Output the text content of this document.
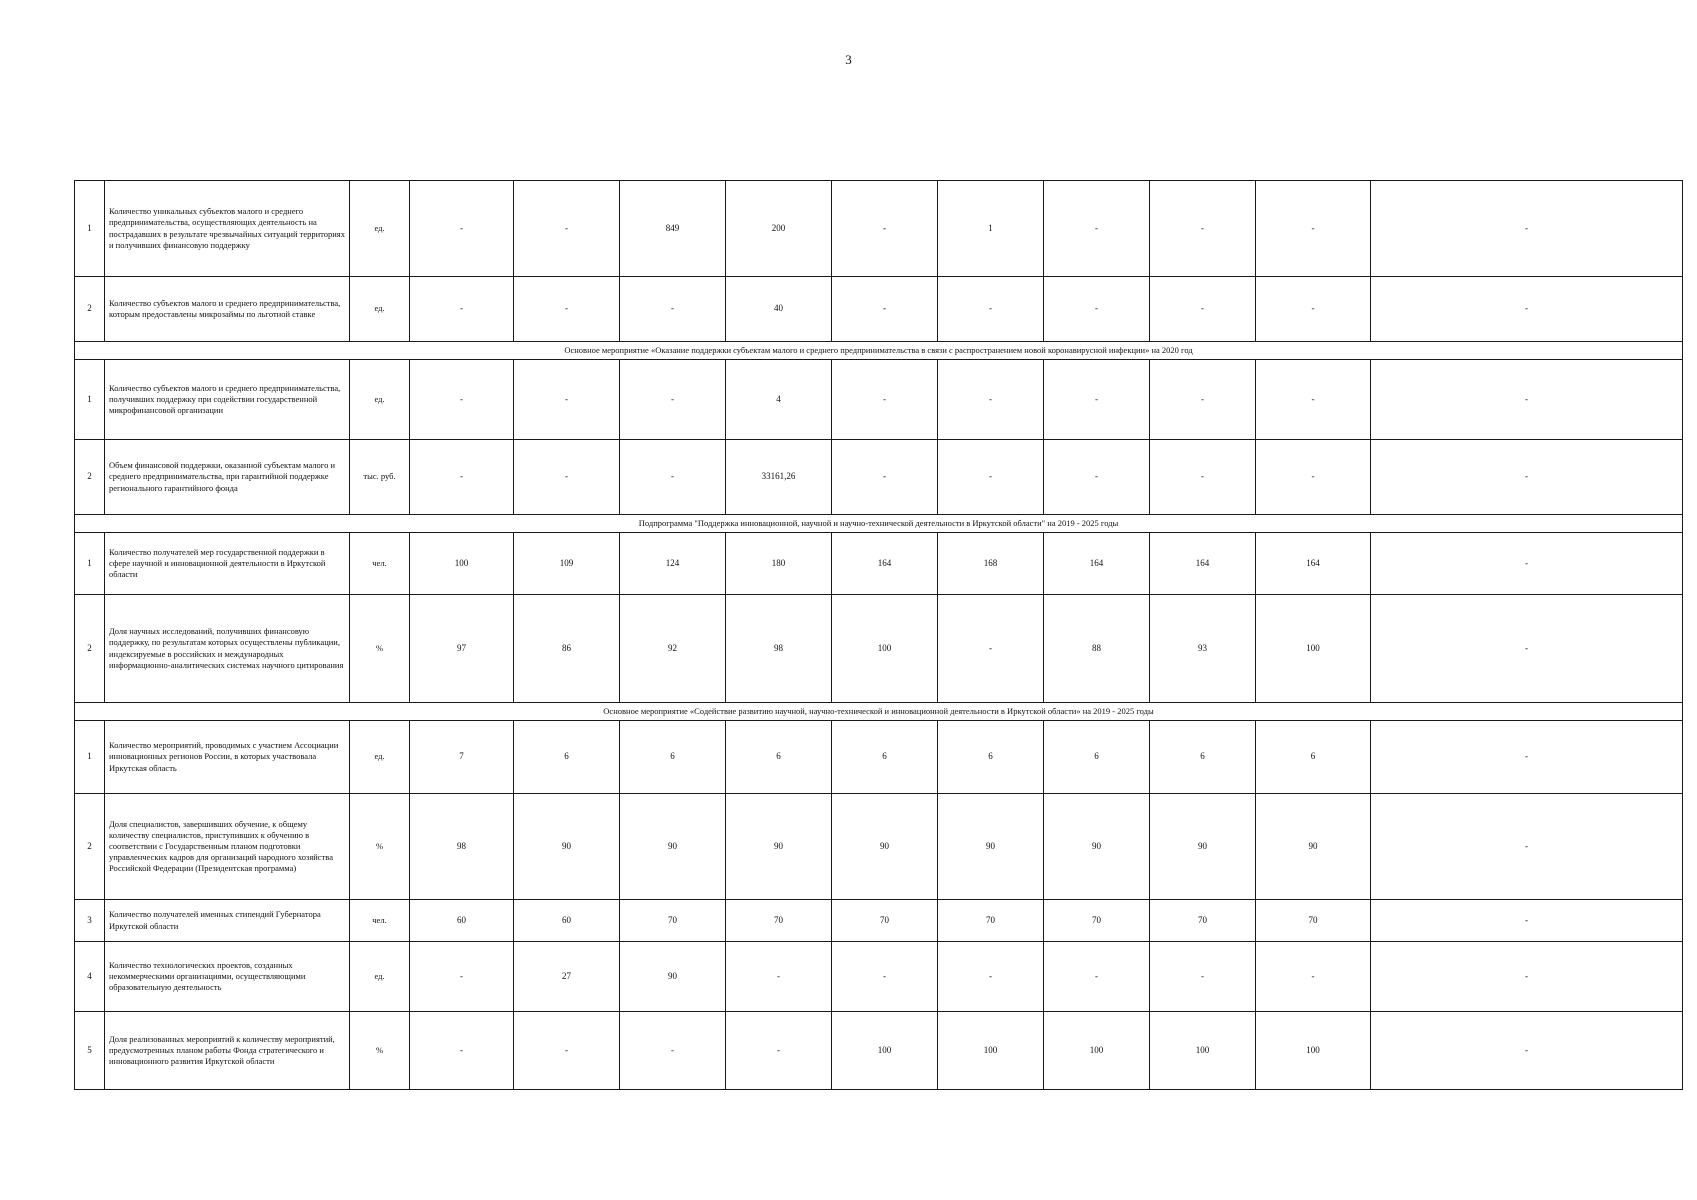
3
1	Количество уникальных субъектов малого и среднего предпринимательства, осуществляющих деятельность на пострадавших в результате чрезвычайных ситуаций территориях и получивших финансовую поддержку	ед.	-	-	849	200	-	1	-	-	-	-
2	Количество субъектов малого и среднего предпринимательства, которым предоставлены микрозаймы по льготной ставке	ед.	-	-	-	40	-	-	-	-	-	-
Основное мероприятие «Оказание поддержки субъектам малого и среднего предпринимательства в связи с распространением новой коронавирусной инфекции» на 2020 год												
1	Количество субъектов малого и среднего предпринимательства, получивших поддержку при содействии государственной микрофинансовой организации	ед.	-	-	-	4	-	-	-	-	-	-
2	Объем финансовой поддержки, оказанной субъектам малого и среднего предпринимательства, при гарантийной поддержке регионального гарантийного фонда	тыс. руб.	-	-	-	33161,26	-	-	-	-	-	-
Подпрограмма "Поддержка инновационной, научной и научно-технической деятельности в Иркутской области" на 2019 - 2025 годы												
1	Количество получателей мер государственной поддержки в сфере научной и инновационной деятельности в Иркутской области	чел.	100	109	124	180	164	168	164	164	164	-
2	Доля научных исследований, получивших финансовую поддержку, по результатам которых осуществлены публикации, индексируемые в российских и международных информационно-аналитических системах научного цитирования	%	97	86	92	98	100	-	88	93	100	-
Основное мероприятие «Содействие развитию научной, научно-технической и инновационной деятельности в Иркутской области» на 2019 - 2025 годы												
1	Количество мероприятий, проводимых с участием Ассоциации инновационных регионов России, в которых участвовала Иркутская область	ед.	7	6	6	6	6	6	6	6	6	-
2	Доля специалистов, завершивших обучение, к общему количеству специалистов, приступивших к обучению в соответствии с Государственным планом подготовки управленческих кадров для организаций народного хозяйства Российской Федерации (Президентская программа)	%	98	90	90	90	90	90	90	90	90	-
3	Количество получателей именных стипендий Губернатора Иркутской области	чел.	60	60	70	70	70	70	70	70	70	-
4	Количество технологических проектов, созданных некоммерческими организациями, осуществляющими образовательную деятельность	ед.	-	27	90	-	-	-	-	-	-	-
5	Доля реализованных мероприятий к количеству мероприятий, предусмотренных планом работы Фонда стратегического и инновационного развития Иркутской области	%	-	-	-	-	100	100	100	100	100	-
